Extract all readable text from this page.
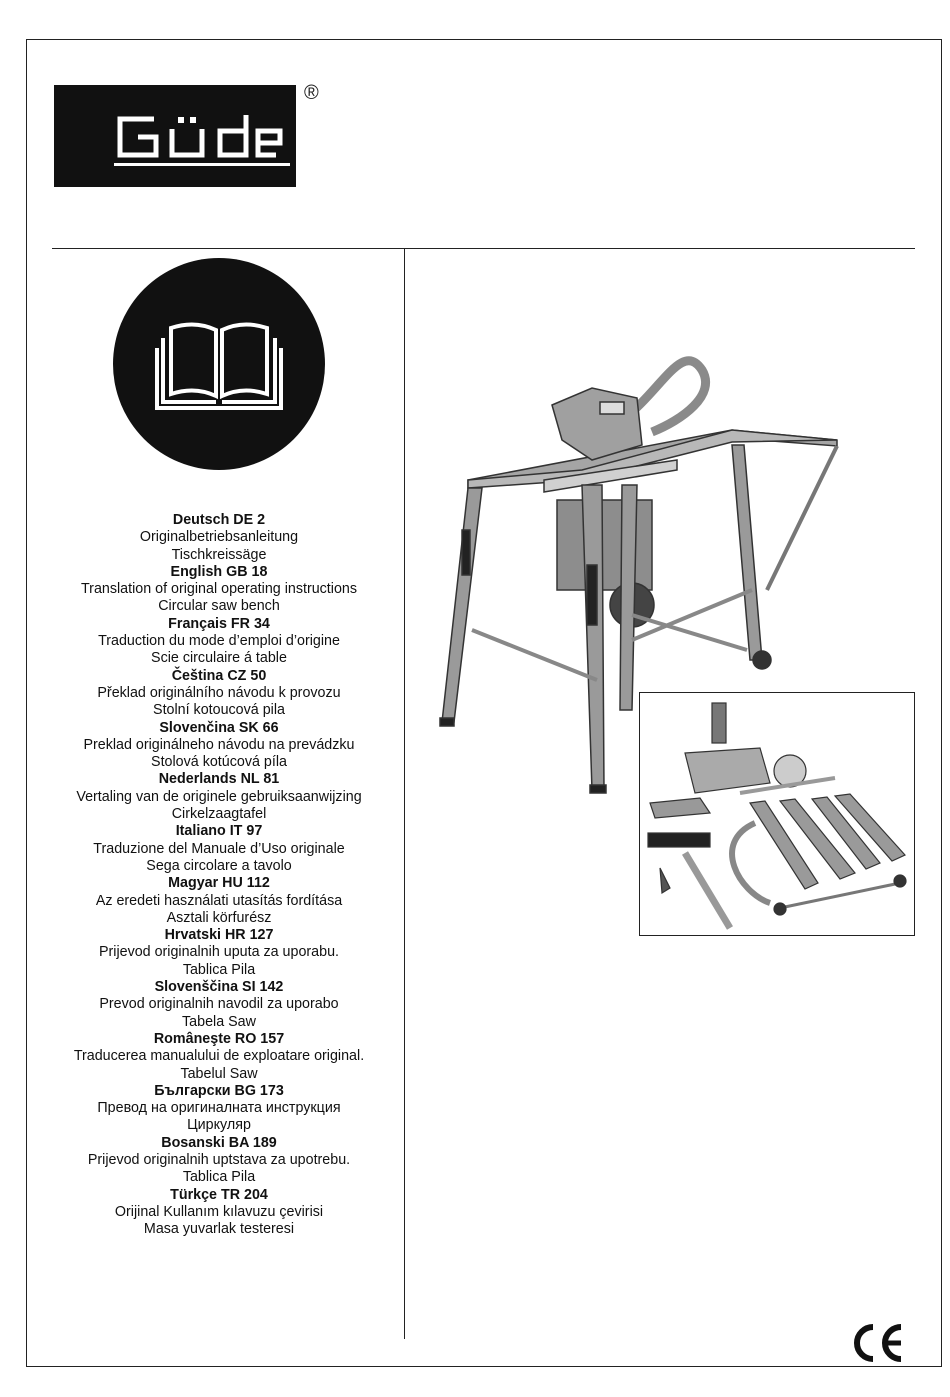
®
Deutsch DE 2
Originalbetriebsanleitung
Tischkreissäge
English GB 18
Translation of original operating instructions
Circular saw bench
Français FR 34
Traduction du mode d’emploi d’origine
Scie circulaire á table
Čeština CZ 50
Překlad originálního návodu k provozu
Stolní kotoucová pila
Slovenčina SK 66
Preklad originálneho návodu na prevádzku
Stolová kotúcová píla
Nederlands NL 81
Vertaling van de originele gebruiksaanwijzing
Cirkelzaagtafel
Italiano IT 97
Traduzione del Manuale d’Uso originale
Sega circolare a tavolo
Magyar HU 112
Az eredeti használati utasítás fordítása
Asztali körfurész
Hrvatski HR 127
Prijevod originalnih uputa za uporabu.
Tablica Pila
Slovenščina SI 142
Prevod originalnih navodil za uporabo
Tabela Saw
Româneşte RO 157
Traducerea manualului de exploatare original.
Tabelul Saw
Български BG 173
Превод на оригиналната инструкция
Циркуляр
Bosanski BA 189
Prijevod originalnih uptstava za upotrebu.
Tablica Pila
Türkçe TR 204
Orijinal Kullanım kılavuzu çevirisi
Masa yuvarlak testeresi
